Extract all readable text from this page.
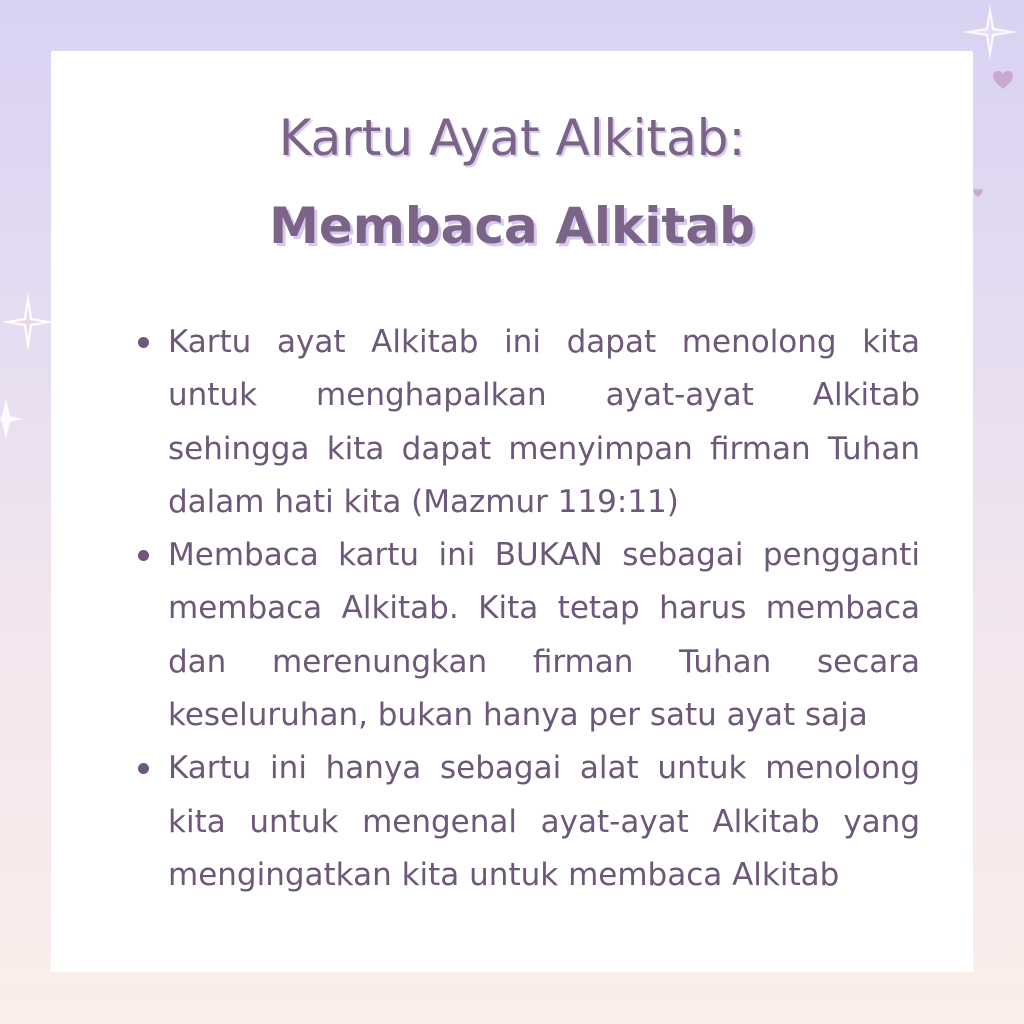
Kartu Ayat Alkitab:
Membaca Alkitab
Kartu ayat Alkitab ini dapat menolong kita untuk menghapalkan ayat-ayat Alkitab sehingga kita dapat menyimpan firman Tuhan dalam hati kita (Mazmur 119:11)
Membaca kartu ini BUKAN sebagai pengganti membaca Alkitab. Kita tetap harus membaca dan merenungkan firman Tuhan secara keseluruhan, bukan hanya per satu ayat saja
Kartu ini hanya sebagai alat untuk menolong kita untuk mengenal ayat-ayat Alkitab yang mengingatkan kita untuk membaca Alkitab
